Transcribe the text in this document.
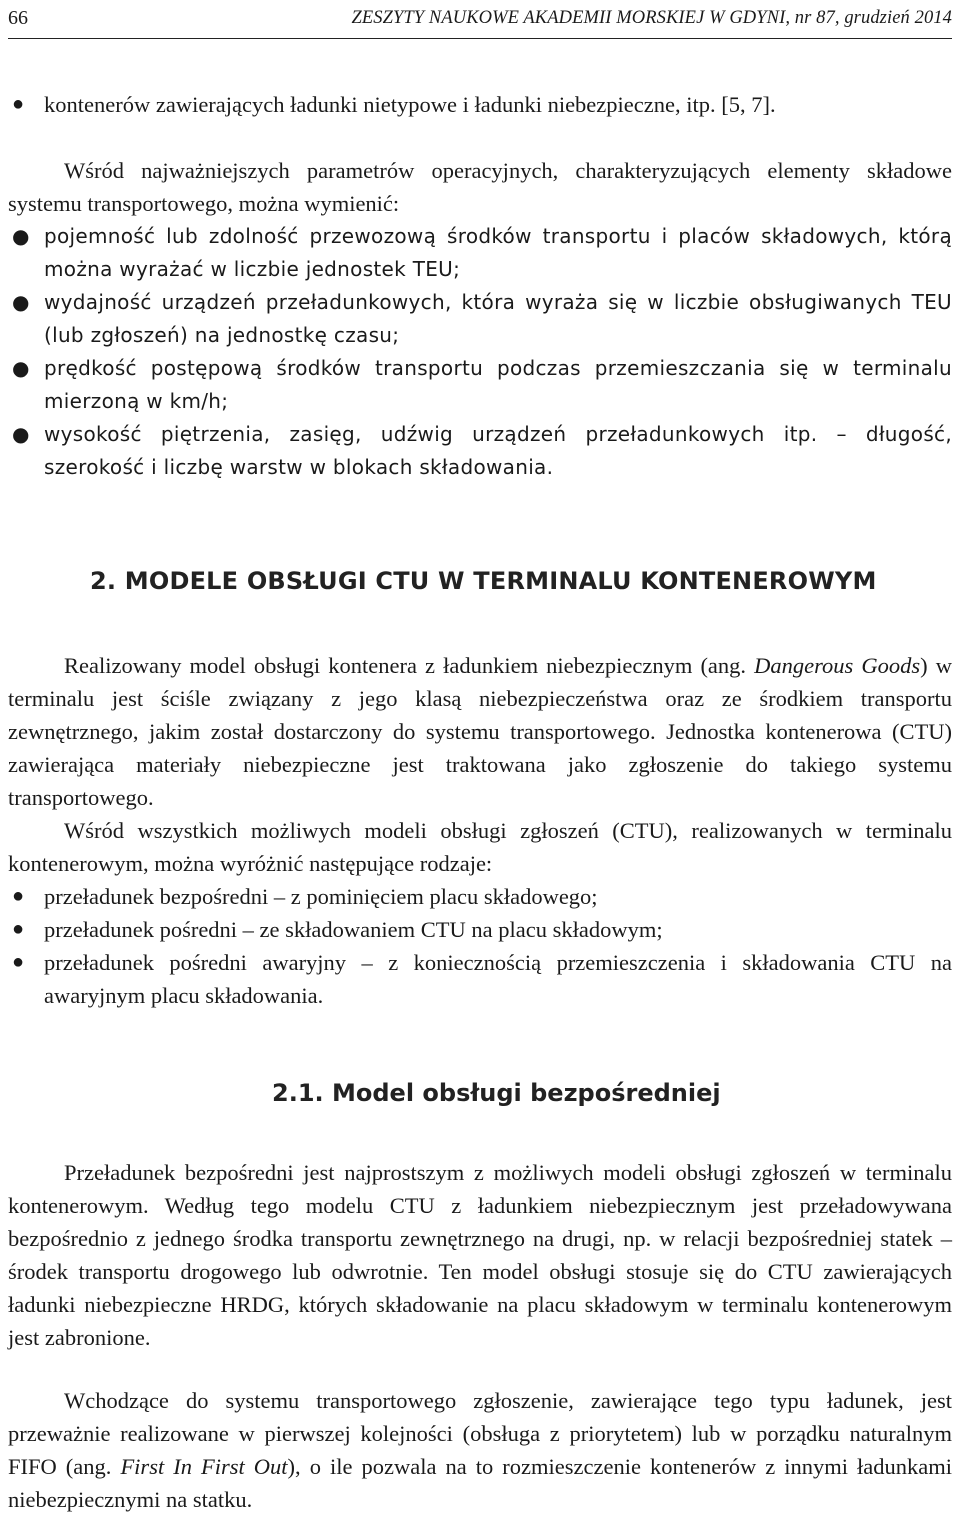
66	ZESZYTY NAUKOWE AKADEMII MORSKIEJ W GDYNI, nr 87, grudzień 2014
● kontenerów zawierających ładunki nietypowe i ładunki niebezpieczne, itp. [5, 7].

Wśród najważniejszych parametrów operacyjnych, charakteryzujących elementy składowe systemu transportowego, można wymienić:

● pojemność lub zdolność przewozową środków transportu i placów składowych, którą można wyrażać w liczbie jednostek TEU;
● wydajność urządzeń przeładunkowych, która wyraża się w liczbie obsługiwanych TEU (lub zgłoszeń) na jednostkę czasu;
● prędkość postępową środków transportu podczas przemieszczania się w terminalu mierzoną w km/h;
● wysokość piętrzenia, zasięg, udźwig urządzeń przeładunkowych itp. – długość, szerokość i liczbę warstw w blokach składowania.
2. MODELE OBSŁUGI CTU W TERMINALU KONTENEROWYM

Realizowany model obsługi kontenera z ładunkiem niebezpiecznym (ang. Dangerous Goods) w terminalu jest ściśle związany z jego klasą niebezpieczeństwa oraz ze środkiem transportu zewnętrznego, jakim został dostarczony do systemu transportowego. Jednostka kontenerowa (CTU) zawierająca materiały niebezpieczne jest traktowana jako zgłoszenie do takiego systemu transportowego.

Wśród wszystkich możliwych modeli obsługi zgłoszeń (CTU), realizowanych w terminalu kontenerowym, można wyróżnić następujące rodzaje:

● przeładunek bezpośredni – z pominięciem placu składowego;
● przeładunek pośredni – ze składowaniem CTU na placu składowym;
● przeładunek pośredni awaryjny – z koniecznością przemieszczenia i składowania CTU na awaryjnym placu składowania.
2.1. Model obsługi bezpośredniej

Przeładunek bezpośredni jest najprostszym z możliwych modeli obsługi zgłoszeń w terminalu kontenerowym. Według tego modelu CTU z ładunkiem niebezpiecznym jest przeładowywana bezpośrednio z jednego środka transportu zewnętrznego na drugi, np. w relacji bezpośredniej statek – środek transportu drogowego lub odwrotnie. Ten model obsługi stosuje się do CTU zawierających ładunki niebezpieczne HRDG, których składowanie na placu składowym w terminalu kontenerowym jest zabronione.

Wchodzące do systemu transportowego zgłoszenie, zawierające tego typu ładunek, jest przeważnie realizowane w pierwszej kolejności (obsługa z priorytetem) lub w porządku naturalnym FIFO (ang. First In First Out), o ile pozwala na to rozmieszczenie kontenerów z innymi ładunkami niebezpiecznymi na statku.
